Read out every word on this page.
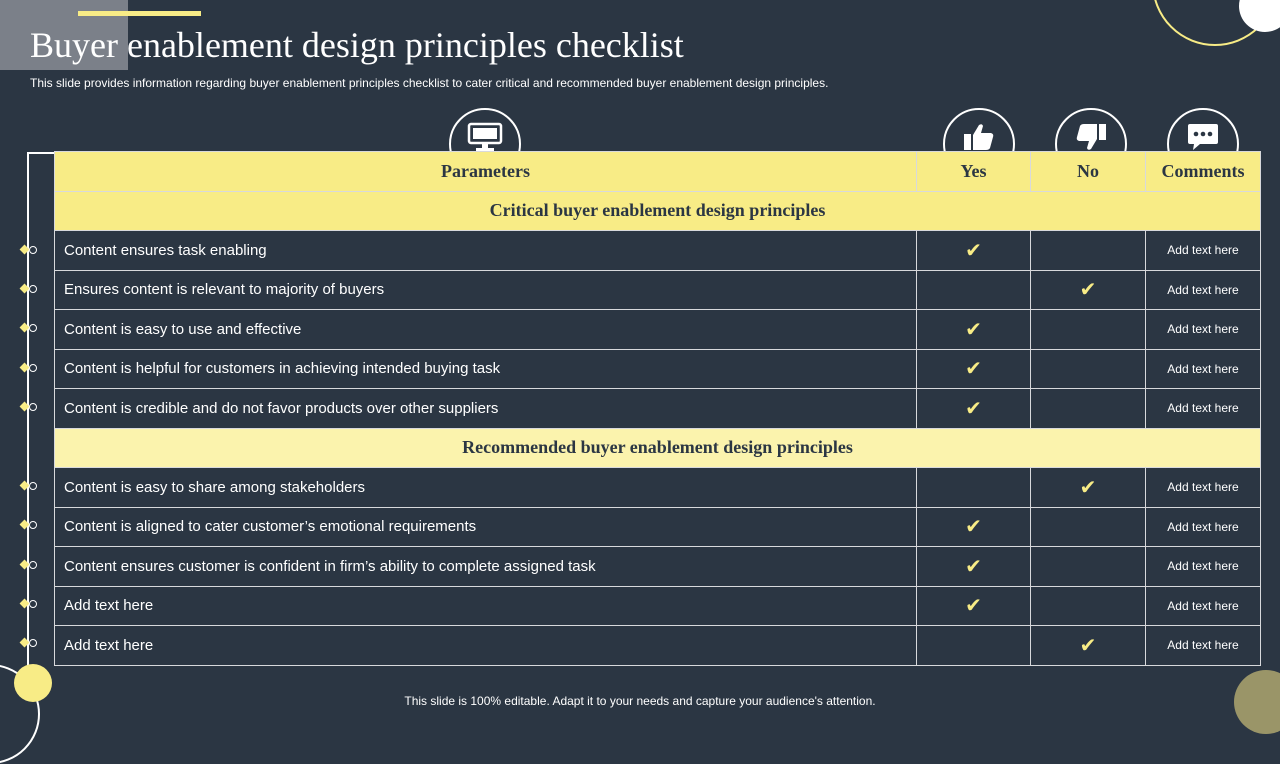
Buyer enablement design principles checklist

This slide provides information regarding buyer enablement principles checklist to cater critical and recommended buyer enablement design principles.

Parameters	Yes	No	Comments
Critical buyer enablement design principles			
Content ensures task enabling	✔		Add text here
Ensures content is relevant to majority of buyers		✔	Add text here
Content is easy to use and effective	✔		Add text here
Content is helpful for customers in achieving intended buying task	✔		Add text here
Content is credible and do not favor products over other suppliers	✔		Add text here
Recommended buyer enablement design principles			
Content is easy to share among stakeholders		✔	Add text here
Content is aligned to cater customer’s emotional requirements	✔		Add text here
Content ensures customer is confident in firm’s ability to complete assigned task	✔		Add text here
Add text here	✔		Add text here
Add text here		✔	Add text here
This slide is 100% editable. Adapt it to your needs and capture your audience's attention.
